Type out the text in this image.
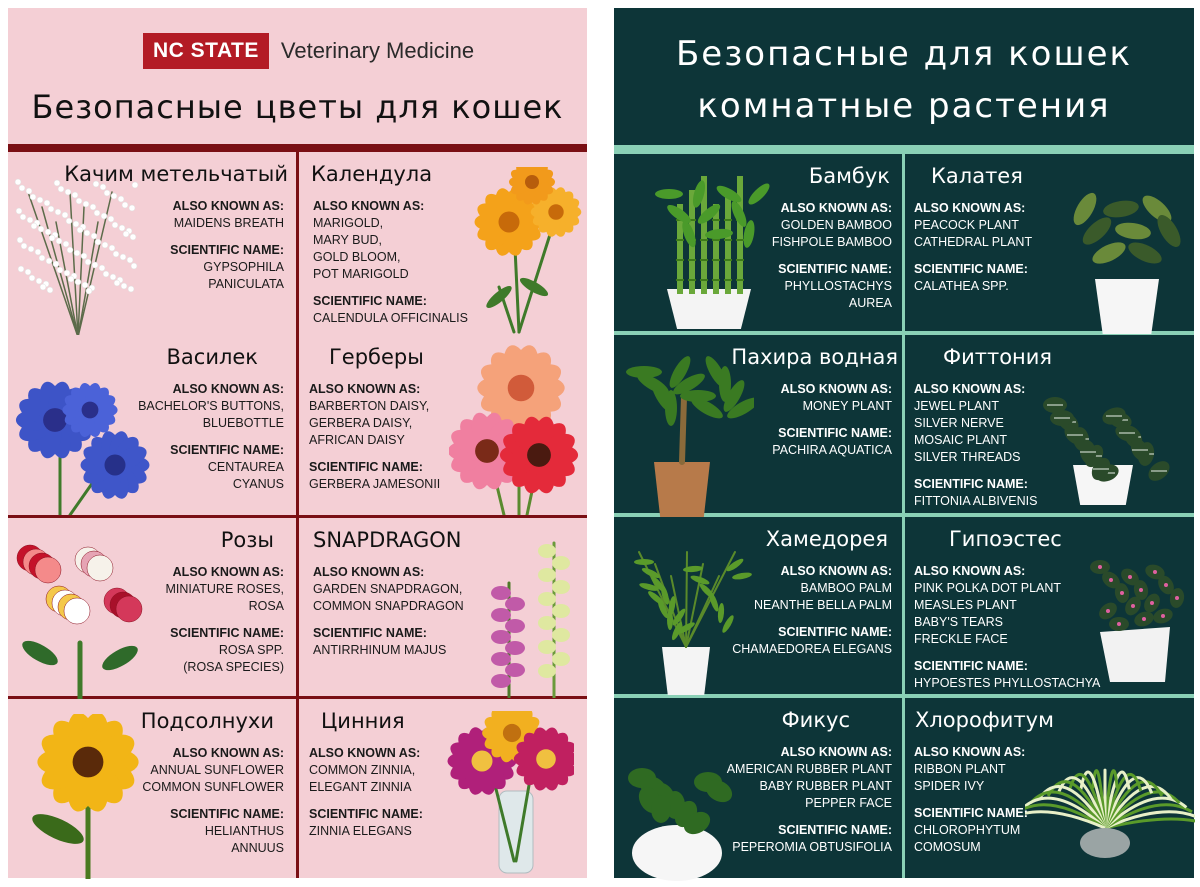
NC STATE	Veterinary Medicine
Безопасные цветы для кошек
Качим метельчатый
ALSO KNOWN AS:
MAIDENS BREATH
SCIENTIFIC NAME:
GYPSOPHILA
PANICULATA
Календула
ALSO KNOWN AS:
MARIGOLD,
MARY BUD,
GOLD BLOOM,
POT MARIGOLD
SCIENTIFIC NAME:
CALENDULA OFFICINALIS
Василек
ALSO KNOWN AS:
BACHELOR'S BUTTONS,
BLUEBOTTLE
SCIENTIFIC NAME:
CENTAUREA
CYANUS
Герберы
ALSO KNOWN AS:
BARBERTON DAISY,
GERBERA DAISY,
AFRICAN DAISY
SCIENTIFIC NAME:
GERBERA JAMESONII
Розы
ALSO KNOWN AS:
MINIATURE ROSES,
ROSA
SCIENTIFIC NAME:
ROSA SPP.
(ROSA SPECIES)
SNAPDRAGON
ALSO KNOWN AS:
GARDEN SNAPDRAGON,
COMMON SNAPDRAGON
SCIENTIFIC NAME:
ANTIRRHINUM MAJUS
Подсолнухи
ALSO KNOWN AS:
ANNUAL SUNFLOWER
COMMON SUNFLOWER
SCIENTIFIC NAME:
HELIANTHUS
ANNUUS
Цинния
ALSO KNOWN AS:
COMMON ZINNIA,
ELEGANT ZINNIA
SCIENTIFIC NAME:
ZINNIA ELEGANS
Безопасные для кошек
комнатные растения
Бамбук
ALSO KNOWN AS:
GOLDEN BAMBOO
FISHPOLE BAMBOO
SCIENTIFIC NAME:
PHYLLOSTACHYS
AUREA
Калатея
ALSO KNOWN AS:
PEACOCK PLANT
CATHEDRAL PLANT
SCIENTIFIC NAME:
CALATHEA SPP.
Пахира водная
ALSO KNOWN AS:
MONEY PLANT
SCIENTIFIC NAME:
PACHIRA AQUATICA
Фиттония
ALSO KNOWN AS:
JEWEL PLANT
SILVER NERVE
MOSAIC PLANT
SILVER THREADS
SCIENTIFIC NAME:
FITTONIA ALBIVENIS
Хамедорея
ALSO KNOWN AS:
BAMBOO PALM
NEANTHE BELLA PALM
SCIENTIFIC NAME:
CHAMAEDOREA ELEGANS
Гипоэстес
ALSO KNOWN AS:
PINK POLKA DOT PLANT
MEASLES PLANT
BABY'S TEARS
FRECKLE FACE
SCIENTIFIC NAME:
HYPOESTES PHYLLOSTACHYA
Фикус
ALSO KNOWN AS:
AMERICAN RUBBER PLANT
BABY RUBBER PLANT
PEPPER FACE
SCIENTIFIC NAME:
PEPEROMIA OBTUSIFOLIA
Хлорофитум
ALSO KNOWN AS:
RIBBON PLANT
SPIDER IVY
SCIENTIFIC NAME:
CHLOROPHYTUM
COMOSUM
